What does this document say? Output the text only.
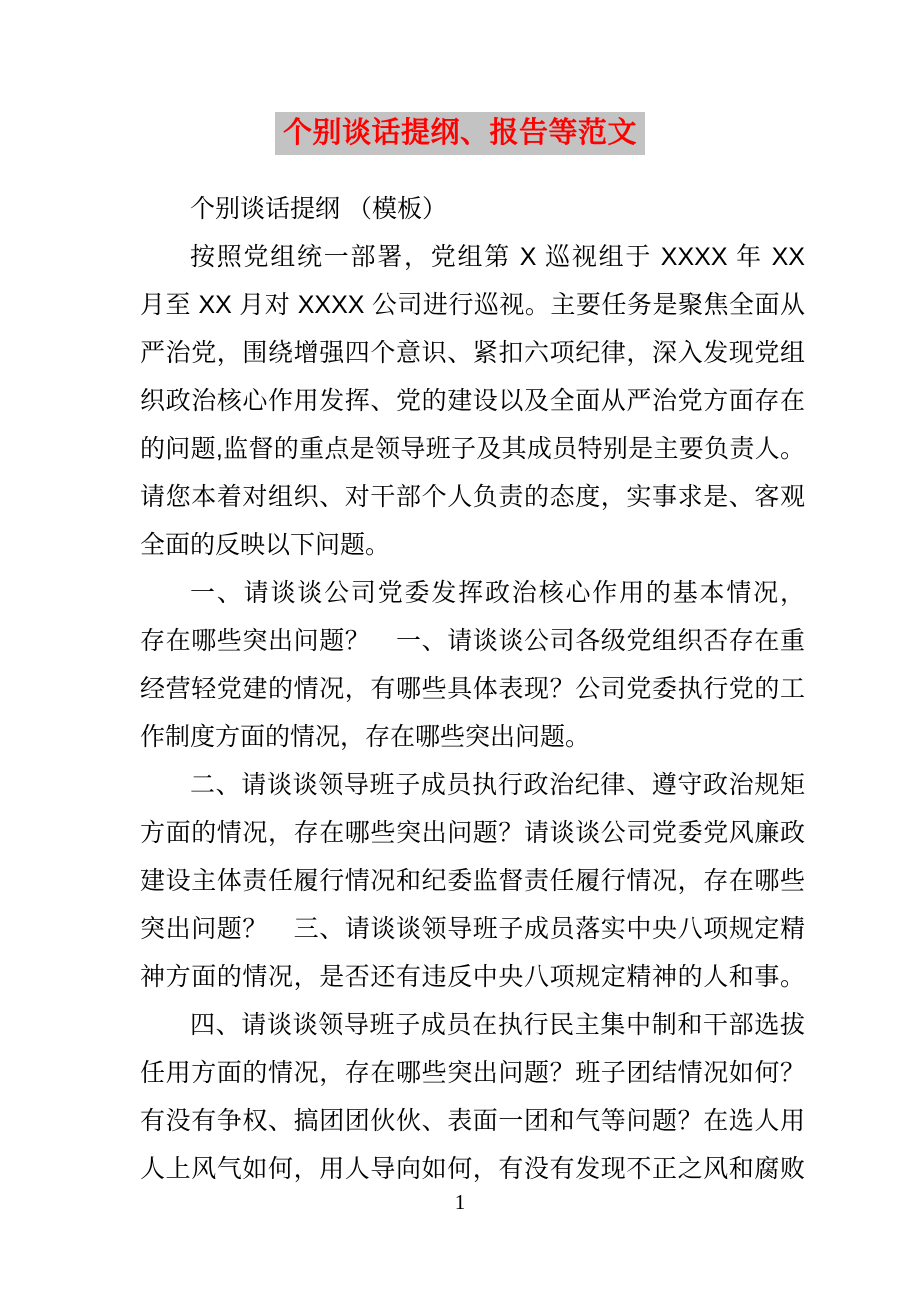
个别谈话提纲、报告等范文
个别谈话提纲 （模板）
按照党组统一部署，党组第 X 巡视组于 XXXX 年 XX
月至 XX 月对 XXXX 公司进行巡视。主要任务是聚焦全面从
严治党，围绕增强四个意识、紧扣六项纪律，深入发现党组
织政治核心作用发挥、党的建设以及全面从严治党方面存在
的问题,监督的重点是领导班子及其成员特别是主要负责人。
请您本着对组织、对干部个人负责的态度，实事求是、客观
全面的反映以下问题。
一、请谈谈公司党委发挥政治核心作用的基本情况，
存在哪些突出问题？　一、请谈谈公司各级党组织否存在重
经营轻党建的情况，有哪些具体表现？公司党委执行党的工
作制度方面的情况，存在哪些突出问题。
二、请谈谈领导班子成员执行政治纪律、遵守政治规矩
方面的情况，存在哪些突出问题？请谈谈公司党委党风廉政
建设主体责任履行情况和纪委监督责任履行情况，存在哪些
突出问题？　三、请谈谈领导班子成员落实中央八项规定精
神方面的情况，是否还有违反中央八项规定精神的人和事。
四、请谈谈领导班子成员在执行民主集中制和干部选拔
任用方面的情况，存在哪些突出问题？班子团结情况如何？
有没有争权、搞团团伙伙、表面一团和气等问题？在选人用
人上风气如何，用人导向如何，有没有发现不正之风和腐败
1
